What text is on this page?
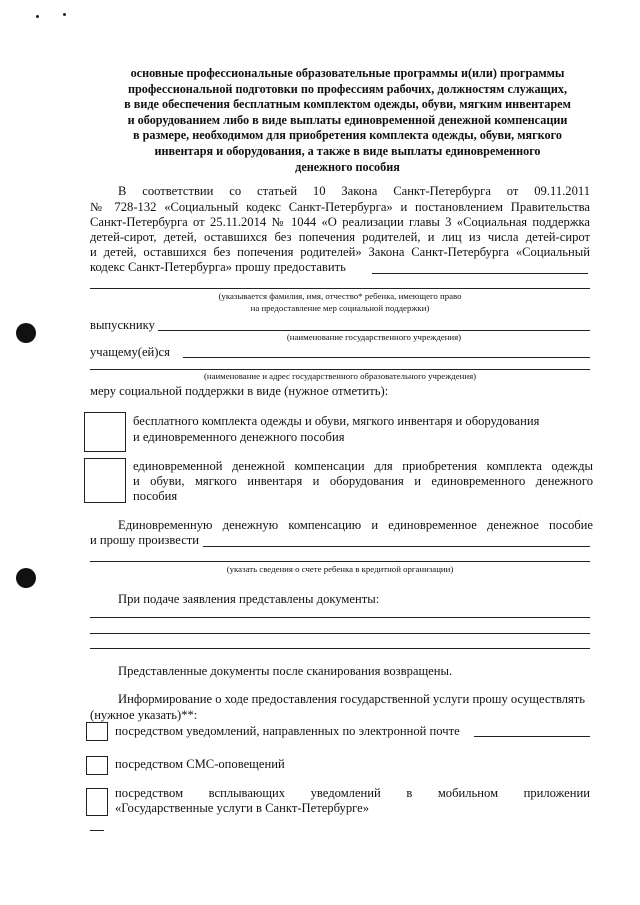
основные профессиональные образовательные программы и(или) программы
профессиональной подготовки по профессиям рабочих, должностям служащих,
в виде обеспечения бесплатным комплектом одежды, обуви, мягким инвентарем
и оборудованием либо в виде выплаты единовременной денежной компенсации
в размере, необходимом для приобретения комплекта одежды, обуви, мягкого
инвентаря и оборудования, а также в виде выплаты единовременного
денежного пособия
В соответствии со статьей 10 Закона Санкт-Петербурга от 09.11.2011
№ 728-132 «Социальный кодекс Санкт-Петербурга» и постановлением Правительства
Санкт-Петербурга от 25.11.2014 № 1044 «О реализации главы 3 «Социальная поддержка
детей-сирот, детей, оставшихся без попечения родителей, и лиц из числа детей-сирот
и детей, оставшихся без попечения родителей» Закона Санкт-Петербурга «Социальный
кодекс Санкт-Петербурга» прошу предоставить
(указывается фамилия, имя, отчество* ребенка, имеющего право
на предоставление мер социальной поддержки)
выпускнику
(наименование государственного учреждения)
учащему(ей)ся
(наименование и адрес государственного образовательного учреждения)
меру социальной поддержки в виде (нужное отметить):
бесплатного комплекта одежды и обуви, мягкого инвентаря и оборудования
и единовременного денежного пособия
единовременной денежной компенсации для приобретения комплекта одежды
и обуви, мягкого инвентаря и оборудования и единовременного денежного
пособия
Единовременную денежную компенсацию и единовременное денежное пособие
и прошу произвести
(указать сведения о счете ребенка в кредитной организации)
При подаче заявления представлены документы:
Представленные документы после сканирования возвращены.
Информирование о ходе предоставления государственной услуги прошу осуществлять
(нужное указать)**:
посредством уведомлений, направленных по электронной почте
посредством СМС-оповещений
посредством всплывающих уведомлений в мобильном приложении
«Государственные услуги в Санкт-Петербурге»
